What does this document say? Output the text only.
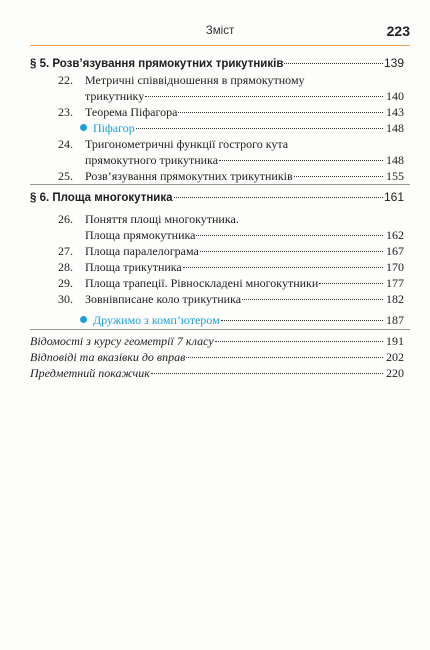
Зміст	223
§ 5. Розв’язування прямокутних трикутників	139
22. Метричні співвідношення в прямокутному
трикутнику	140
23. Теорема Піфагора	143
Піфагор	148
24. Тригонометричні функції гострого кута
прямокутного трикутника	148
25. Розв’язування прямокутних трикутників	155
§ 6. Площа многокутника	161
26. Поняття площі многокутника.
Площа прямокутника	162
27. Площа паралелограма	167
28. Площа трикутника	170
29. Площа трапеції. Рівноскладені многокутники	177
30. Зовнівписане коло трикутника	182
Дружимо з комп’ютером	187
Відомості з курсу геометрії 7 класу	191
Відповіді та вказівки до вправ	202
Предметний покажчик	220
